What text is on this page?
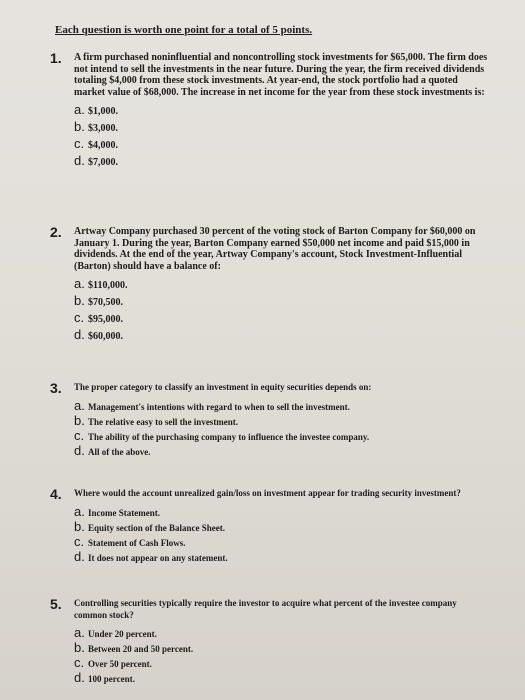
Each question is worth one point for a total of 5 points.
1.	A firm purchased noninfluential and noncontrolling stock investments for $65,000. The firm does not intend to sell the investments in the near future. During the year, the firm received dividends totaling $4,000 from these stock investments. At year-end, the stock portfolio had a quoted market value of $68,000. The increase in net income for the year from these stock investments is:
a. $1,000.
b. $3,000.
c. $4,000.
d. $7,000.
2.	Artway Company purchased 30 percent of the voting stock of Barton Company for $60,000 on January 1. During the year, Barton Company earned $50,000 net income and paid $15,000 in dividends. At the end of the year, Artway Company's account, Stock Investment-Influential (Barton) should have a balance of:
a. $110,000.
b. $70,500.
c. $95,000.
d. $60,000.
3.	The proper category to classify an investment in equity securities depends on:
a. Management's intentions with regard to when to sell the investment.
b. The relative easy to sell the investment.
c. The ability of the purchasing company to influence the investee company.
d. All of the above.
4.	Where would the account unrealized gain/loss on investment appear for trading security investment?
a. Income Statement.
b. Equity section of the Balance Sheet.
c. Statement of Cash Flows.
d. It does not appear on any statement.
5.	Controlling securities typically require the investor to acquire what percent of the investee company common stock?
a. Under 20 percent.
b. Between 20 and 50 percent.
c. Over 50 percent.
d. 100 percent.
